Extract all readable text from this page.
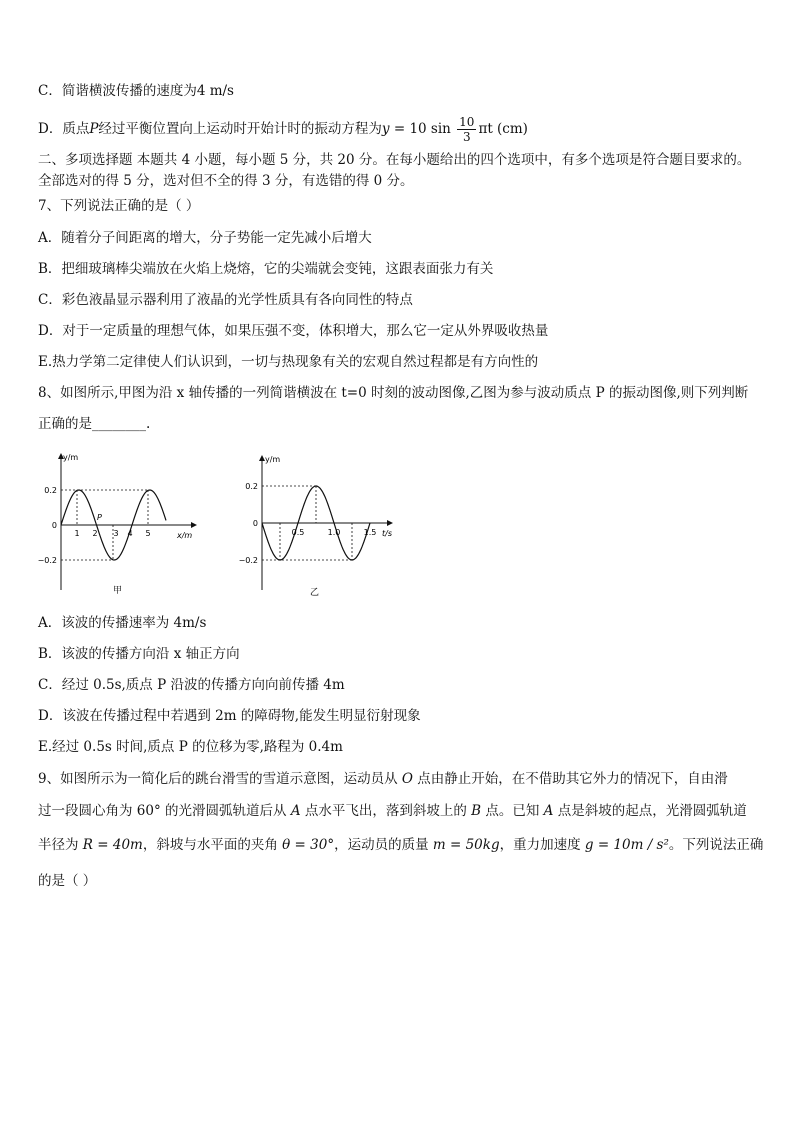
C．简谐横波传播的速度为4 m/s
D．质点P经过平衡位置向上运动时开始计时的振动方程为y = 10 $\sin \frac{10}{3}$ πt (cm)
二、多项选择题 本题共 4 小题，每小题 5 分，共 20 分。在每小题给出的四个选项中，有多个选项是符合题目要求的。
全部选对的得 5 分，选对但不全的得 3 分，有选错的得 0 分。
7、下列说法正确的是（ ）
A．随着分子间距离的增大，分子势能一定先减小后增大
B．把细玻璃棒尖端放在火焰上烧熔，它的尖端就会变钝，这跟表面张力有关
C．彩色液晶显示器利用了液晶的光学性质具有各向同性的特点
D．对于一定质量的理想气体，如果压强不变，体积增大，那么它一定从外界吸收热量
E.热力学第二定律使人们认识到，一切与热现象有关的宏观自然过程都是有方向性的
8、如图所示,甲图为沿 x 轴传播的一列简谐横波在 t=0 时刻的波动图像,乙图为参与波动质点 P 的振动图像,则下列判断
正确的是________.
y/m
x/m
0.2
0
−0.2
1 2 3 4 5
P
甲
y/m
t/s
0.2
0
−0.2
0.5	1.0	1.5
乙
A．该波的传播速率为 4m/s
B．该波的传播方向沿 x 轴正方向
C．经过 0.5s,质点 P 沿波的传播方向向前传播 4m
D．该波在传播过程中若遇到 2m 的障碍物,能发生明显衍射现象
E.经过 0.5s 时间,质点 P 的位移为零,路程为 0.4m
9、如图所示为一简化后的跳台滑雪的雪道示意图，运动员从 O 点由静止开始，在不借助其它外力的情况下，自由滑
过一段圆心角为 60° 的光滑圆弧轨道后从 A 点水平飞出，落到斜坡上的 B 点。已知 A 点是斜坡的起点，光滑圆弧轨道
半径为 R = 40m，斜坡与水平面的夹角 θ = 30°，运动员的质量 m = 50kg，重力加速度 g = 10m / s²。下列说法正确
的是（ ）
